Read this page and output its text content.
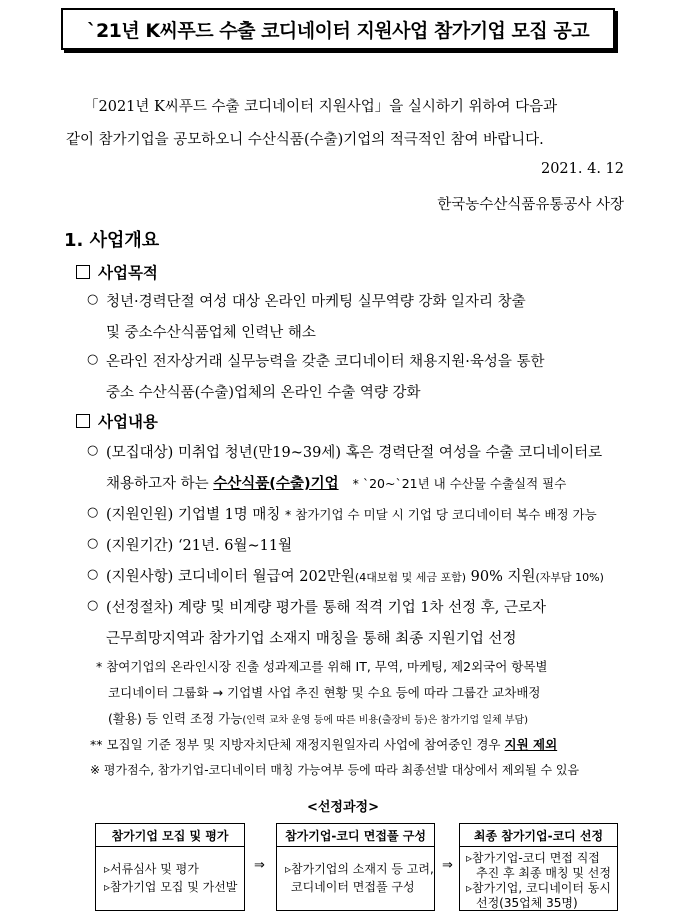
`21년 K씨푸드 수출 코디네이터 지원사업 참가기업 모집 공고
「2021년 K씨푸드 수출 코디네이터 지원사업」을 실시하기 위하여 다음과
같이 참가기업을 공모하오니 수산식품(수출)기업의 적극적인 참여 바랍니다.
2021. 4. 12
한국농수산식품유통공사 사장
1. 사업개요
사업목적
○ 청년·경력단절 여성 대상 온라인 마케팅 실무역량 강화 일자리 창출
및 중소수산식품업체 인력난 해소
○ 온라인 전자상거래 실무능력을 갖춘 코디네이터 채용지원·육성을 통한
중소 수산식품(수출)업체의 온라인 수출 역량 강화
사업내용
○ (모집대상) 미취업 청년(만19~39세) 혹은 경력단절 여성을 수출 코디네이터로
채용하고자 하는 수산식품(수출)기업 * `20~`21년 내 수산물 수출실적 필수
○ (지원인원) 기업별 1명 매칭 * 참가기업 수 미달 시 기업 당 코디네이터 복수 배정 가능
○ (지원기간) ‘21년. 6월∼11월
○ (지원사항) 코디네이터 월급여 202만원(4대보험 및 세금 포함) 90% 지원(자부담 10%)
○ (선정절차) 계량 및 비계량 평가를 통해 적격 기업 1차 선정 후, 근로자
근무희망지역과 참가기업 소재지 매칭을 통해 최종 지원기업 선정
* 참여기업의 온라인시장 진출 성과제고를 위해 IT, 무역, 마케팅, 제2외국어 항목별
코디네이터 그룹화 → 기업별 사업 추진 현황 및 수요 등에 따라 그룹간 교차배정
(활용) 등 인력 조정 가능(인력 교차 운영 등에 따른 비용(출장비 등)은 참가기업 일체 부담)
** 모집일 기준 정부 및 지방자치단체 재정지원일자리 사업에 참여중인 경우 지원 제외
※ 평가점수, 참가기업-코디네이터 매칭 가능여부 등에 따라 최종선발 대상에서 제외될 수 있음
<선정과정>
참가기업 모집 및 평가
▹서류심사 및 평가
▹참가기업 모집 및 가선발
⇒
참가기업-코디 면접풀 구성
▹참가기업의 소재지 등 고려,
코디네이터 면접풀 구성
⇒
최종 참가기업-코디 선정
▹참가기업-코디 면접 직접
추진 후 최종 매칭 및 선정
▹참가기업, 코디네이터 동시
선정(35업체 35명)
